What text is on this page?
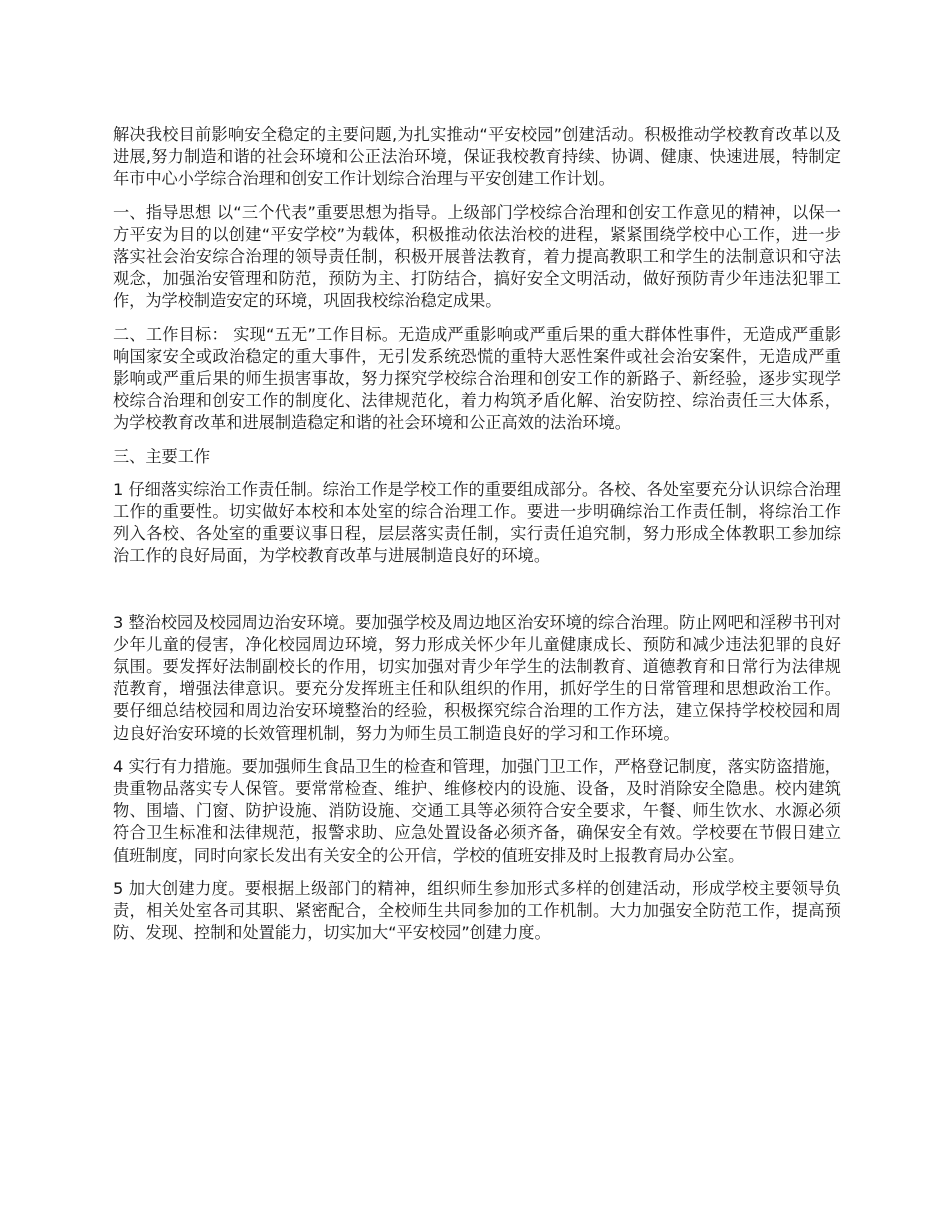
解决我校目前影响安全稳定的主要问题,为扎实推动“平安校园”创建活动。积极推动学校教育改革以及进展,努力制造和谐的社会环境和公正法治环境，保证我校教育持续、协调、健康、快速进展，特制定年市中心小学综合治理和创安工作计划综合治理与平安创建工作计划。

一、指导思想 以“三个代表”重要思想为指导。上级部门学校综合治理和创安工作意见的精神，以保一方平安为目的以创建“平安学校”为载体，积极推动依法治校的进程，紧紧围绕学校中心工作，进一步落实社会治安综合治理的领导责任制，积极开展普法教育，着力提高教职工和学生的法制意识和守法观念，加强治安管理和防范，预防为主、打防结合，搞好安全文明活动，做好预防青少年违法犯罪工作，为学校制造安定的环境，巩固我校综治稳定成果。

二、工作目标： 实现“五无”工作目标。无造成严重影响或严重后果的重大群体性事件，无造成严重影响国家安全或政治稳定的重大事件，无引发系统恐慌的重特大恶性案件或社会治安案件，无造成严重影响或严重后果的师生损害事故，努力探究学校综合治理和创安工作的新路子、新经验，逐步实现学校综合治理和创安工作的制度化、法律规范化，着力构筑矛盾化解、治安防控、综治责任三大体系，为学校教育改革和进展制造稳定和谐的社会环境和公正高效的法治环境。

三、主要工作

1 仔细落实综治工作责任制。综治工作是学校工作的重要组成部分。各校、各处室要充分认识综合治理工作的重要性。切实做好本校和本处室的综合治理工作。要进一步明确综治工作责任制，将综治工作列入各校、各处室的重要议事日程，层层落实责任制，实行责任追究制，努力形成全体教职工参加综治工作的良好局面，为学校教育改革与进展制造良好的环境。

3 整治校园及校园周边治安环境。要加强学校及周边地区治安环境的综合治理。防止网吧和淫秽书刊对少年儿童的侵害，净化校园周边环境，努力形成关怀少年儿童健康成长、预防和减少违法犯罪的良好氛围。要发挥好法制副校长的作用，切实加强对青少年学生的法制教育、道德教育和日常行为法律规范教育，增强法律意识。要充分发挥班主任和队组织的作用，抓好学生的日常管理和思想政治工作。要仔细总结校园和周边治安环境整治的经验，积极探究综合治理的工作方法，建立保持学校校园和周边良好治安环境的长效管理机制，努力为师生员工制造良好的学习和工作环境。

4 实行有力措施。要加强师生食品卫生的检查和管理，加强门卫工作，严格登记制度，落实防盗措施，贵重物品落实专人保管。要常常检查、维护、维修校内的设施、设备，及时消除安全隐患。校内建筑物、围墙、门窗、防护设施、消防设施、交通工具等必须符合安全要求，午餐、师生饮水、水源必须符合卫生标准和法律规范，报警求助、应急处置设备必须齐备，确保安全有效。学校要在节假日建立值班制度，同时向家长发出有关安全的公开信，学校的值班安排及时上报教育局办公室。

5 加大创建力度。要根据上级部门的精神，组织师生参加形式多样的创建活动，形成学校主要领导负责，相关处室各司其职、紧密配合，全校师生共同参加的工作机制。大力加强安全防范工作，提高预防、发现、控制和处置能力，切实加大“平安校园”创建力度。
